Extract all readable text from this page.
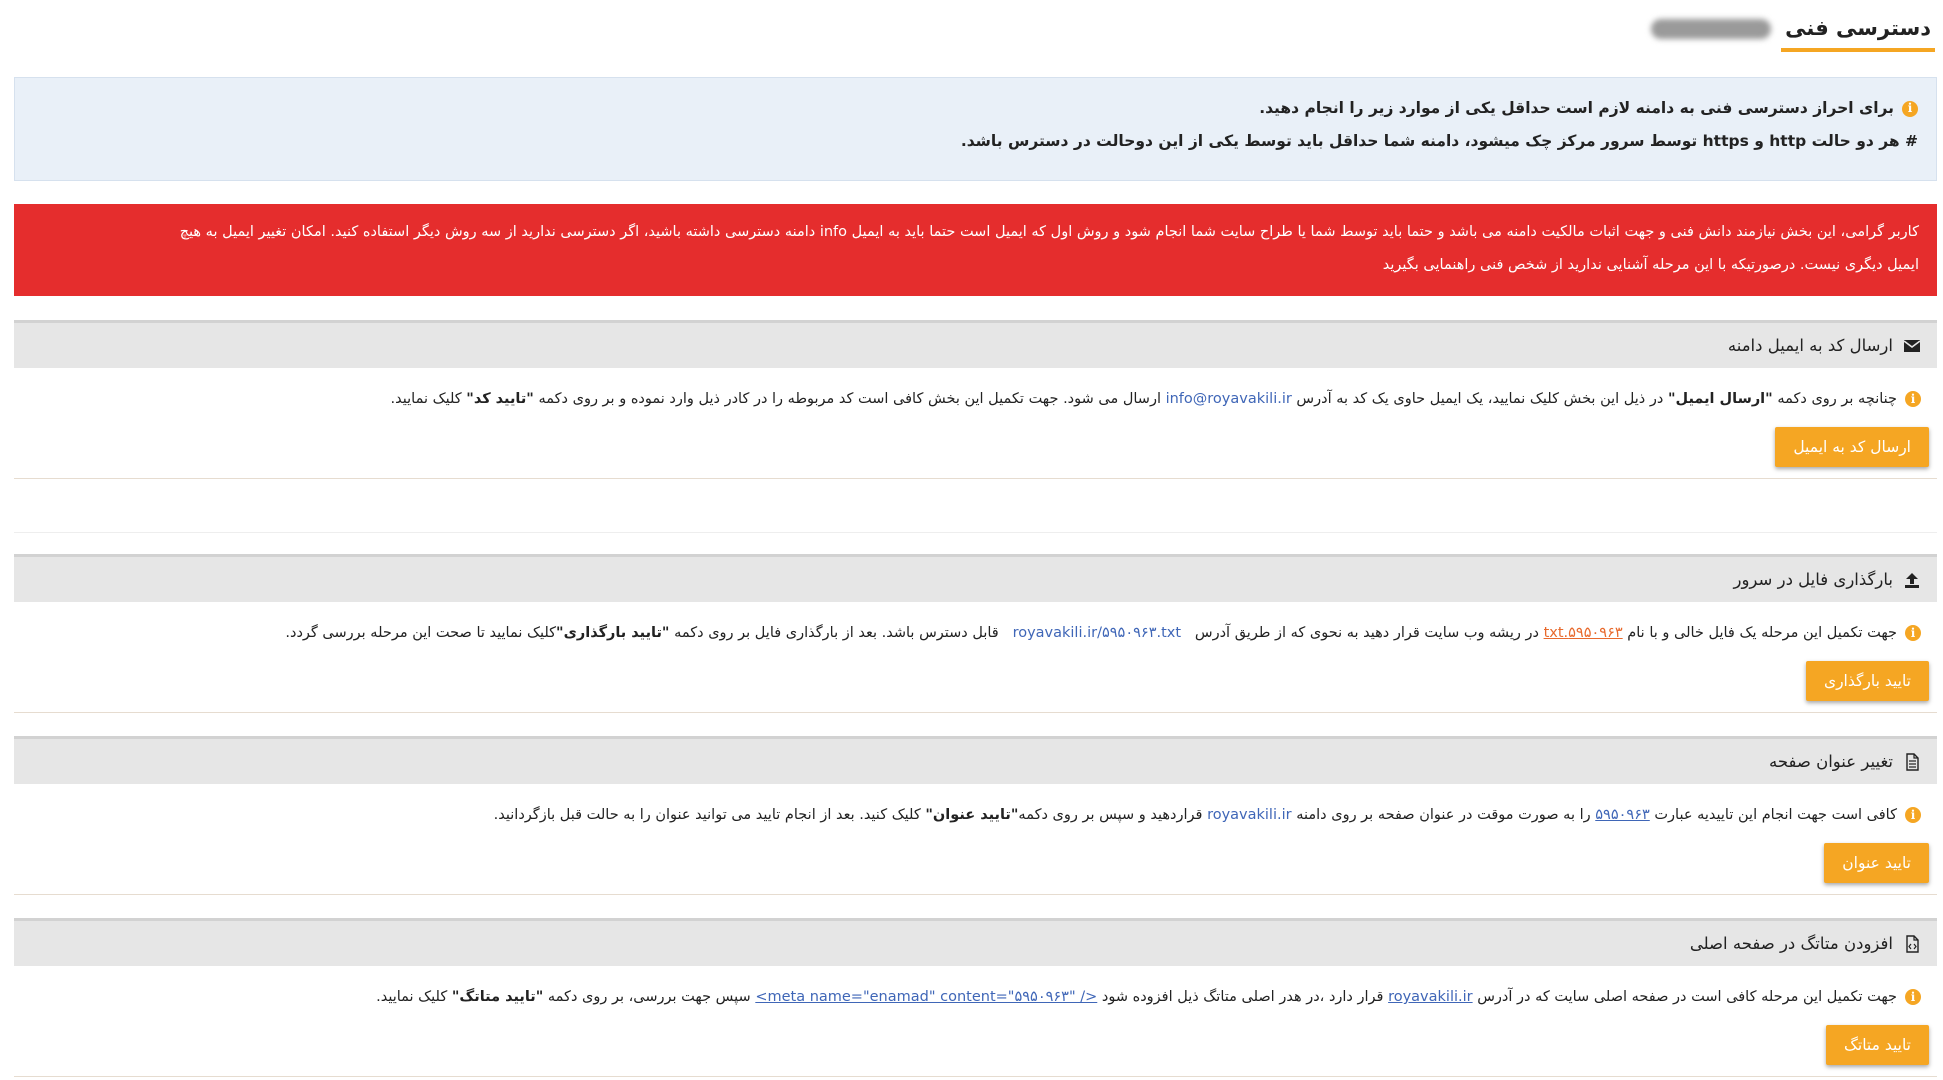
دسترسی فنی
i
برای احراز دسترسی فنی به دامنه لازم است حداقل یکی از موارد زیر را انجام دهید.
# هر دو حالت http و https توسط سرور مرکز چک میشود، دامنه شما حداقل باید توسط یکی از این دوحالت در دسترس باشد.
کاربر گرامی، این بخش نیازمند دانش فنی و جهت اثبات مالکیت دامنه می باشد و حتما باید توسط شما یا طراح سایت شما انجام شود و روش اول که ایمیل است حتما باید به ایمیل info دامنه دسترسی داشته باشید، اگر دسترسی ندارید از سه روش دیگر استفاده کنید. امکان تغییر ایمیل به هیچ
ایمیل دیگری نیست. درصورتیکه با این مرحله آشنایی ندارید از شخص فنی راهنمایی بگیرید
ارسال کد به ایمیل دامنه
i
چنانچه بر روی دکمه "ارسال ایمیل" در ذیل این بخش کلیک نمایید، یک ایمیل حاوی یک کد به آدرس info@royavakili.ir ارسال می شود. جهت تکمیل این بخش کافی است کد مربوطه را در کادر ذیل وارد نموده و بر روی دکمه "تایید کد" کلیک نمایید.
ارسال کد به ایمیل
بارگذاری فایل در سرور
i
جهت تکمیل این مرحله یک فایل خالی و با نام ۵۹۵۰۹۶۳.txt در ریشه وب سایت قرار دهید به نحوی که از طریق آدرس   royavakili.ir/۵۹۵۰۹۶۳.txt   قابل دسترس باشد. بعد از بارگذاری فایل بر روی دکمه "تایید بارگذاری"کلیک نمایید تا صحت این مرحله بررسی گردد.
تایید بارگذاری
تغییر عنوان صفحه
i
کافی است جهت انجام این تاییدیه عبارت ۵۹۵۰۹۶۳ را به صورت موقت در عنوان صفحه بر روی دامنه royavakili.ir قراردهید و سپس بر روی دکمه"تایید عنوان" کلیک کنید. بعد از انجام تایید می توانید عنوان را به حالت قبل بازگردانید.
تایید عنوان
افزودن متاتگ در صفحه اصلی
i
جهت تکمیل این مرحله کافی است در صفحه اصلی سایت که در آدرس royavakili.ir قرار دارد ،در هدر اصلی متاتگ ذیل افزوده شود <meta name="enamad" content="۵۹۵۰۹۶۳" /> سپس جهت بررسی، بر روی دکمه "تایید متاتگ" کلیک نمایید.
تایید متاتگ
